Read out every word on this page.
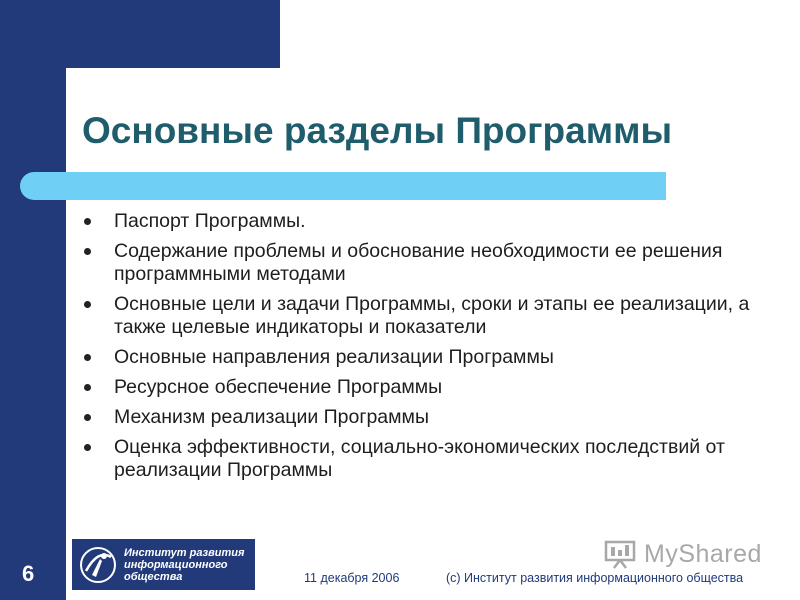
Основные разделы Программы
Паспорт Программы.
Содержание проблемы и обоснование необходимости ее решения программными методами
Основные цели и задачи Программы, сроки и этапы ее реализации, а также целевые индикаторы и показатели
Основные направления реализации Программы
Ресурсное обеспечение Программы
Механизм реализации Программы
Оценка эффективности, социально-экономических последствий от реализации Программы
6
Институт развития
информационного общества	11 декабря 2006	(c) Институт развития информационного общества
MyShared
